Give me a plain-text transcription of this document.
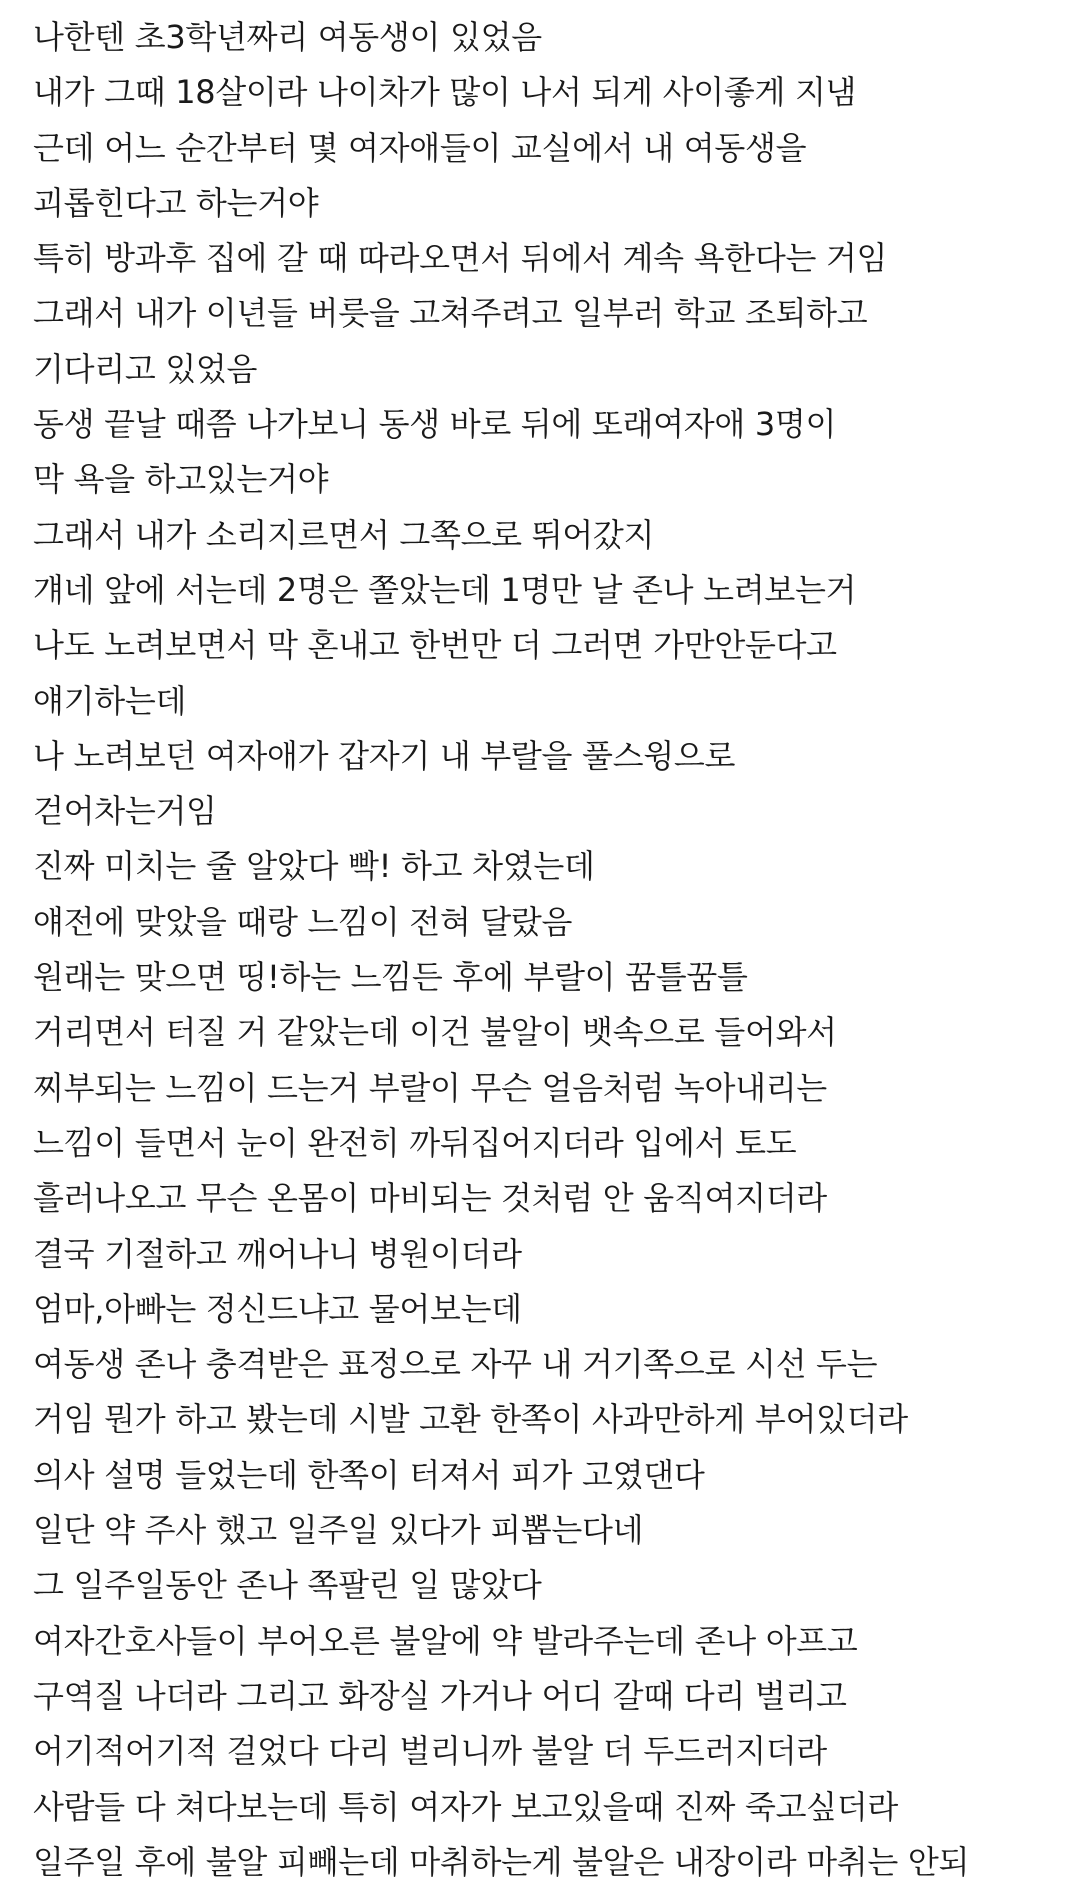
나한텐 초3학년짜리 여동생이 있었음
내가 그때 18살이라 나이차가 많이 나서 되게 사이좋게 지냄
근데 어느 순간부터 몇 여자애들이 교실에서 내 여동생을
괴롭힌다고 하는거야
특히 방과후 집에 갈 때 따라오면서 뒤에서 계속 욕한다는 거임
그래서 내가 이년들 버릇을 고쳐주려고 일부러 학교 조퇴하고
기다리고 있었음
동생 끝날 때쯤 나가보니 동생 바로 뒤에 또래여자애 3명이
막 욕을 하고있는거야
그래서 내가 소리지르면서 그쪽으로 뛰어갔지
걔네 앞에 서는데 2명은 쫄았는데 1명만 날 존나 노려보는거
나도 노려보면서 막 혼내고 한번만 더 그러면 가만안둔다고
얘기하는데
나 노려보던 여자애가 갑자기 내 부랄을 풀스윙으로
걷어차는거임
진짜 미치는 줄 알았다 빡! 하고 차였는데
얘전에 맞았을 때랑 느낌이 전혀 달랐음
원래는 맞으면 띵!하는 느낌든 후에 부랄이 꿈틀꿈틀
거리면서 터질 거 같았는데 이건 불알이 뱃속으로 들어와서
찌부되는 느낌이 드는거 부랄이 무슨 얼음처럼 녹아내리는
느낌이 들면서 눈이 완전히 까뒤집어지더라 입에서 토도
흘러나오고 무슨 온몸이 마비되는 것처럼 안 움직여지더라
결국 기절하고 깨어나니 병원이더라
엄마,아빠는 정신드냐고 물어보는데
여동생 존나 충격받은 표정으로 자꾸 내 거기쪽으로 시선 두는
거임 뭔가 하고 봤는데 시발 고환 한쪽이 사과만하게 부어있더라
의사 설명 들었는데 한쪽이 터져서 피가 고였댄다
일단 약 주사 했고 일주일 있다가 피뽑는다네
그 일주일동안 존나 쪽팔린 일 많았다
여자간호사들이 부어오른 불알에 약 발라주는데 존나 아프고
구역질 나더라 그리고 화장실 가거나 어디 갈때 다리 벌리고
어기적어기적 걸었다 다리 벌리니까 불알 더 두드러지더라
사람들 다 쳐다보는데 특히 여자가 보고있을때 진짜 죽고싶더라
일주일 후에 불알 피빼는데 마취하는게 불알은 내장이라 마취는 안되
